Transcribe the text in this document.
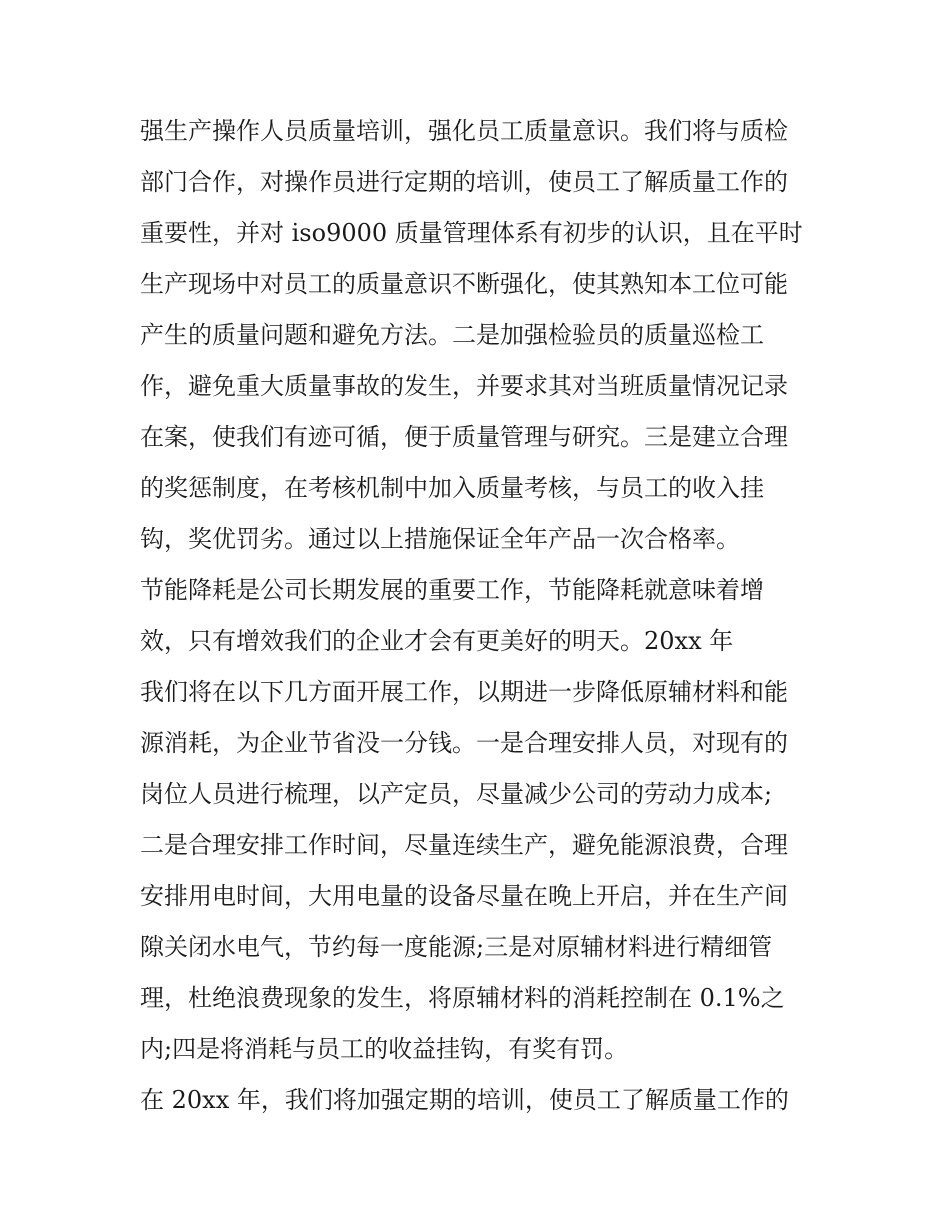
强生产操作人员质量培训，强化员工质量意识。我们将与质检
部门合作，对操作员进行定期的培训，使员工了解质量工作的
重要性，并对 iso9000 质量管理体系有初步的认识，且在平时
生产现场中对员工的质量意识不断强化，使其熟知本工位可能
产生的质量问题和避免方法。二是加强检验员的质量巡检工
作，避免重大质量事故的发生，并要求其对当班质量情况记录
在案，使我们有迹可循，便于质量管理与研究。三是建立合理
的奖惩制度，在考核机制中加入质量考核，与员工的收入挂
钩，奖优罚劣。通过以上措施保证全年产品一次合格率。
节能降耗是公司长期发展的重要工作，节能降耗就意味着增
效，只有增效我们的企业才会有更美好的明天。20xx 年
我们将在以下几方面开展工作，以期进一步降低原辅材料和能
源消耗，为企业节省没一分钱。一是合理安排人员，对现有的
岗位人员进行梳理，以产定员，尽量减少公司的劳动力成本;
二是合理安排工作时间，尽量连续生产，避免能源浪费，合理
安排用电时间，大用电量的设备尽量在晚上开启，并在生产间
隙关闭水电气，节约每一度能源;三是对原辅材料进行精细管
理，杜绝浪费现象的发生，将原辅材料的消耗控制在 0.1%之
内;四是将消耗与员工的收益挂钩，有奖有罚。
在 20xx 年，我们将加强定期的培训，使员工了解质量工作的
